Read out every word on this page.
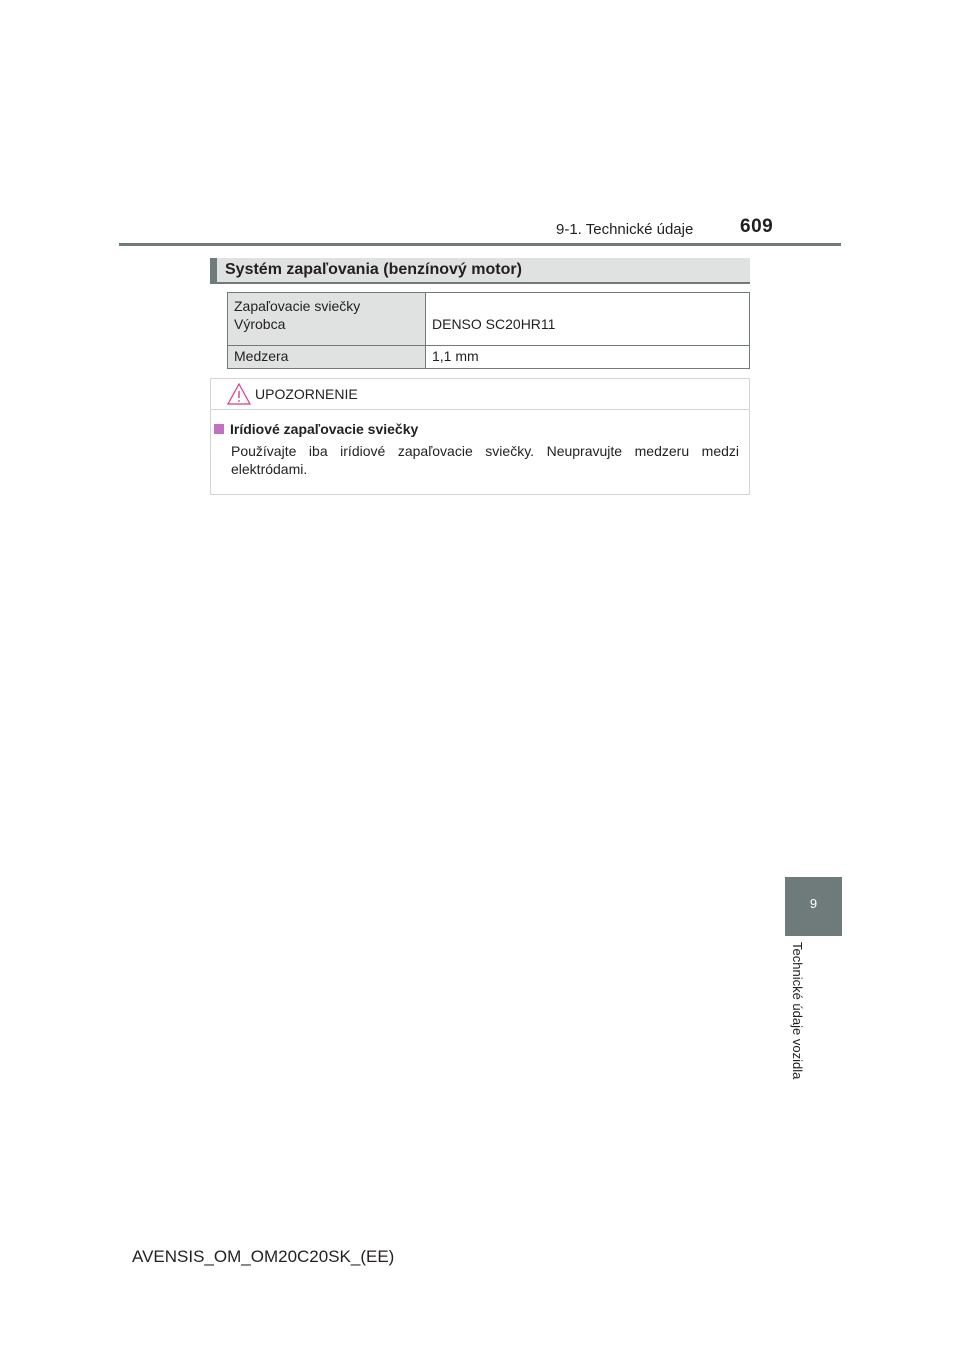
9-1. Technické údaje 609
Systém zapaľovania (benzínový motor)
Zapaľovacie sviečky
Výrobca	DENSO SC20HR11

Medzera	1,1 mm
UPOZORNENIE
Irídiové zapaľovacie sviečky
Používajte iba irídiové zapaľovacie sviečky. Neupravujte medzeru medzi elektródami.
9
Technické údaje vozidla
AVENSIS_OM_OM20C20SK_(EE)
